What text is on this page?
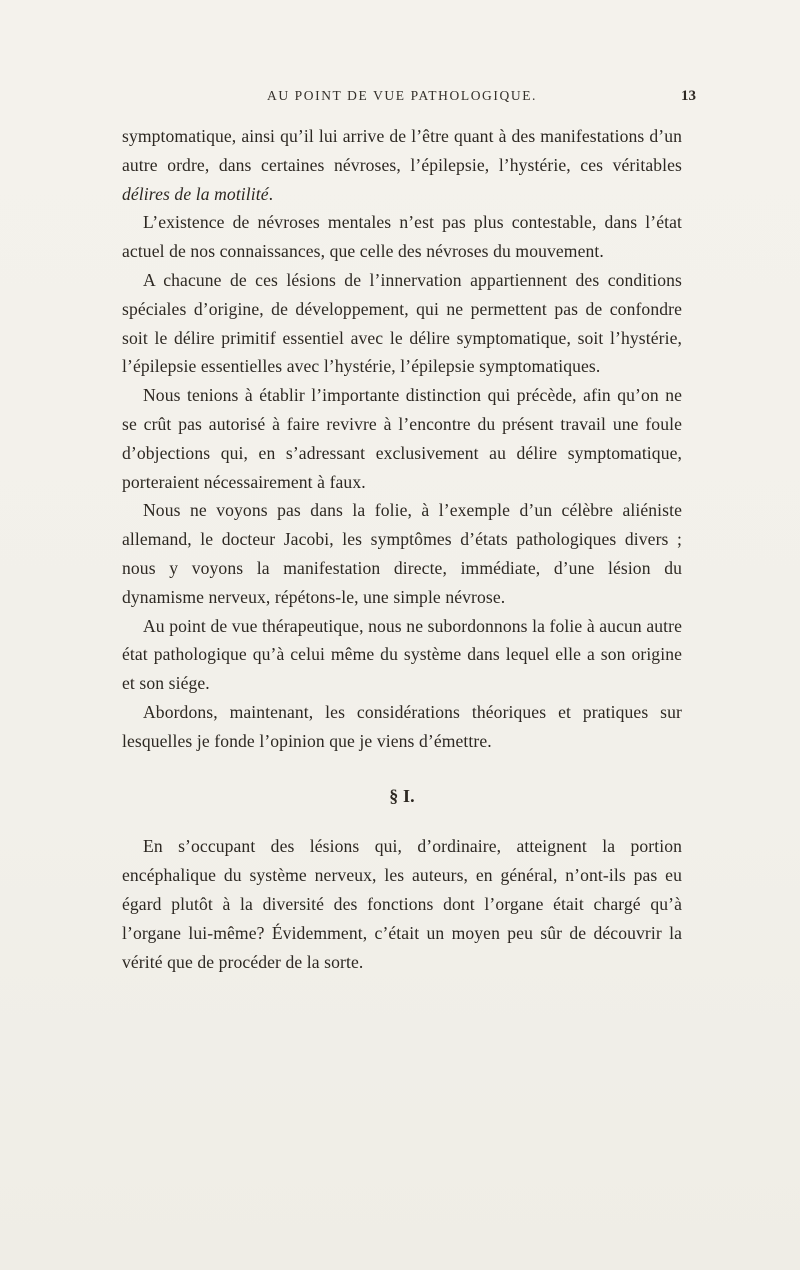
AU POINT DE VUE PATHOLOGIQUE.	13

symptomatique, ainsi qu’il lui arrive de l’être quant à des manifestations d’un autre ordre, dans certaines névroses, l’épilepsie, l’hystérie, ces véritables délires de la motilité.

L’existence de névroses mentales n’est pas plus contestable, dans l’état actuel de nos connaissances, que celle des névroses du mouvement.

A chacune de ces lésions de l’innervation appartiennent des conditions spéciales d’origine, de développement, qui ne permettent pas de confondre soit le délire primitif essentiel avec le délire symptomatique, soit l’hystérie, l’épilepsie essentielles avec l’hystérie, l’épilepsie symptomatiques.

Nous tenions à établir l’importante distinction qui précède, afin qu’on ne se crût pas autorisé à faire revivre à l’encontre du présent travail une foule d’objections qui, en s’adressant exclusivement au délire symptomatique, porteraient nécessairement à faux.

Nous ne voyons pas dans la folie, à l’exemple d’un célèbre aliéniste allemand, le docteur Jacobi, les symptômes d’états pathologiques divers ; nous y voyons la manifestation directe, immédiate, d’une lésion du dynamisme nerveux, répétons-le, une simple névrose.

Au point de vue thérapeutique, nous ne subordonnons la folie à aucun autre état pathologique qu’à celui même du système dans lequel elle a son origine et son siége.

Abordons, maintenant, les considérations théoriques et pratiques sur lesquelles je fonde l’opinion que je viens d’émettre.

§ I.

En s’occupant des lésions qui, d’ordinaire, atteignent la portion encéphalique du système nerveux, les auteurs, en général, n’ont-ils pas eu égard plutôt à la diversité des fonctions dont l’organe était chargé qu’à l’organe lui-même? Évidemment, c’était un moyen peu sûr de découvrir la vérité que de procéder de la sorte.
